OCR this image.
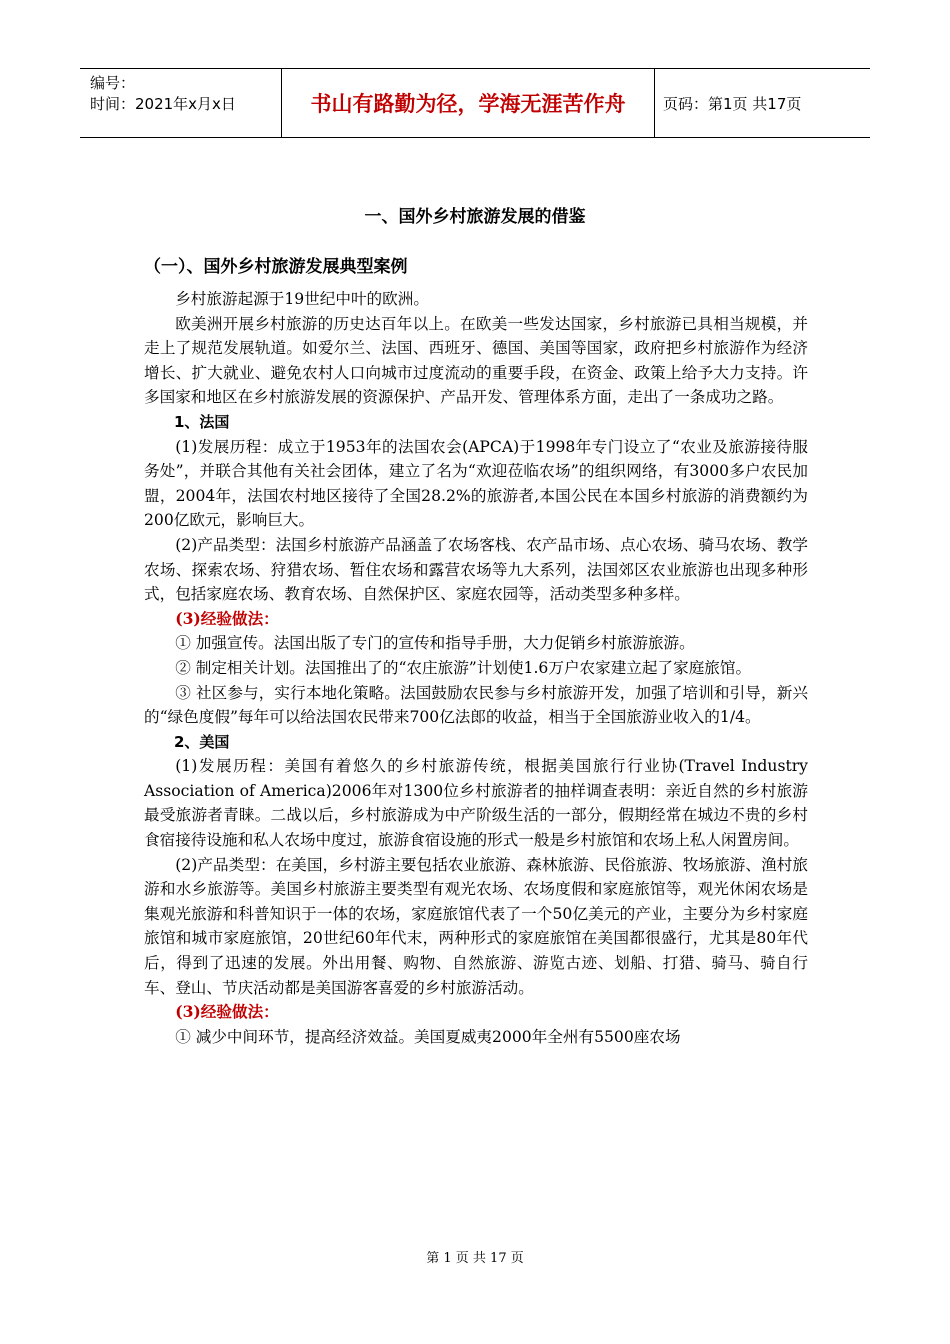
编号：
时间：2021年x月x日	书山有路勤为径，学海无涯苦作舟	页码：第1页 共17页
一、国外乡村旅游发展的借鉴
（一）、国外乡村旅游发展典型案例

乡村旅游起源于19世纪中叶的欧洲。

欧美洲开展乡村旅游的历史达百年以上。在欧美一些发达国家，乡村旅游已具相当规模，并走上了规范发展轨道。如爱尔兰、法国、西班牙、德国、美国等国家，政府把乡村旅游作为经济增长、扩大就业、避免农村人口向城市过度流动的重要手段，在资金、政策上给予大力支持。许多国家和地区在乡村旅游发展的资源保护、产品开发、管理体系方面，走出了一条成功之路。

1、法国

(1)发展历程：成立于1953年的法国农会(APCA)于1998年专门设立了“农业及旅游接待服务处”，并联合其他有关社会团体，建立了名为“欢迎莅临农场”的组织网络，有3000多户农民加盟，2004年，法国农村地区接待了全国28.2%的旅游者,本国公民在本国乡村旅游的消费额约为200亿欧元，影响巨大。

(2)产品类型：法国乡村旅游产品涵盖了农场客栈、农产品市场、点心农场、骑马农场、教学农场、探索农场、狩猎农场、暂住农场和露营农场等九大系列，法国郊区农业旅游也出现多种形式，包括家庭农场、教育农场、自然保护区、家庭农园等，活动类型多种多样。

(3)经验做法：

① 加强宣传。法国出版了专门的宣传和指导手册，大力促销乡村旅游旅游。

② 制定相关计划。法国推出了的“农庄旅游”计划使1.6万户农家建立起了家庭旅馆。

③ 社区参与，实行本地化策略。法国鼓励农民参与乡村旅游开发，加强了培训和引导，新兴的“绿色度假”每年可以给法国农民带来700亿法郎的收益，相当于全国旅游业收入的1/4。

2、美国

(1)发展历程：美国有着悠久的乡村旅游传统，根据美国旅行行业协(Travel Industry Association of America)2006年对1300位乡村旅游者的抽样调查表明：亲近自然的乡村旅游最受旅游者青睐。二战以后，乡村旅游成为中产阶级生活的一部分，假期经常在城边不贵的乡村食宿接待设施和私人农场中度过，旅游食宿设施的形式一般是乡村旅馆和农场上私人闲置房间。

(2)产品类型：在美国，乡村游主要包括农业旅游、森林旅游、民俗旅游、牧场旅游、渔村旅游和水乡旅游等。美国乡村旅游主要类型有观光农场、农场度假和家庭旅馆等，观光休闲农场是集观光旅游和科普知识于一体的农场，家庭旅馆代表了一个50亿美元的产业，主要分为乡村家庭旅馆和城市家庭旅馆，20世纪60年代末，两种形式的家庭旅馆在美国都很盛行，尤其是80年代后，得到了迅速的发展。外出用餐、购物、自然旅游、游览古迹、划船、打猎、骑马、骑自行车、登山、节庆活动都是美国游客喜爱的乡村旅游活动。

(3)经验做法：

① 减少中间环节，提高经济效益。美国夏威夷2000年全州有5500座农场

第 1 页 共 17 页
